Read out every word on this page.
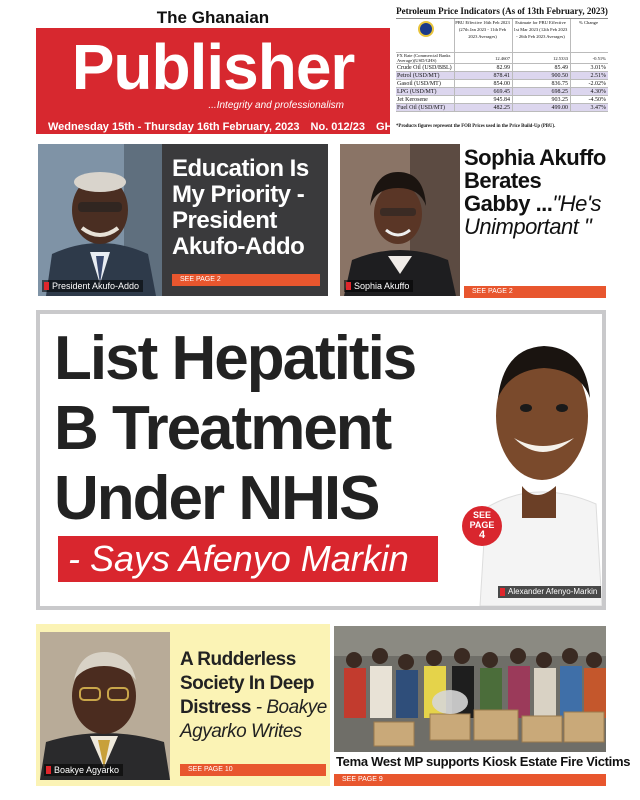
The Ghanaian
Publisher
...Integrity and professionalism
Wednesday 15th - Thursday 16th February, 2023 No. 012/23 GH¢3.00
Petroleum Price Indicators (As of 13th February, 2023)
PBU Effective 16th Feb 2023 (27th Jan 2023 - 11th Feb 2023 Averages)
Estimate for PBU Effective 1st Mar 2023 (12th Feb 2023 - 26th Feb 2023 Averages)
% Change
FX Rate (Commercial Banks Average)(USD/GHS)	12.4607	12.5333	-0.51%
Crude Oil (USD/BBL)	82.99	85.49	3.01%
Petrol (USD/MT)	878.41	900.50	2.51%
Gasoil (USD/MT)	854.00	836.75	-2.02%
LPG (USD/MT)	669.45	698.25	4.30%
Jet Kerosene	945.84	903.25	-4.50%
Fuel Oil (USD/MT)	482.25	499.00	3.47%
*Products figures represent the FOB Prices used in the Price Build-Up (PBU).
President Akufo-Addo
Education Is My Priority - President Akufo-Addo
SEE PAGE 2
Sophia Akuffo
Sophia Akuffo Berates Gabby ..."He's Unimportant "
SEE PAGE 2
List Hepatitis
B Treatment
Under NHIS
- Says Afenyo Markin
SEE PAGE
4
Alexander Afenyo-Markin
Boakye Agyarko
A Rudderless Society In Deep Distress - Boakye Agyarko Writes
SEE PAGE 10
Tema West MP supports Kiosk Estate Fire Victims
SEE PAGE 9
